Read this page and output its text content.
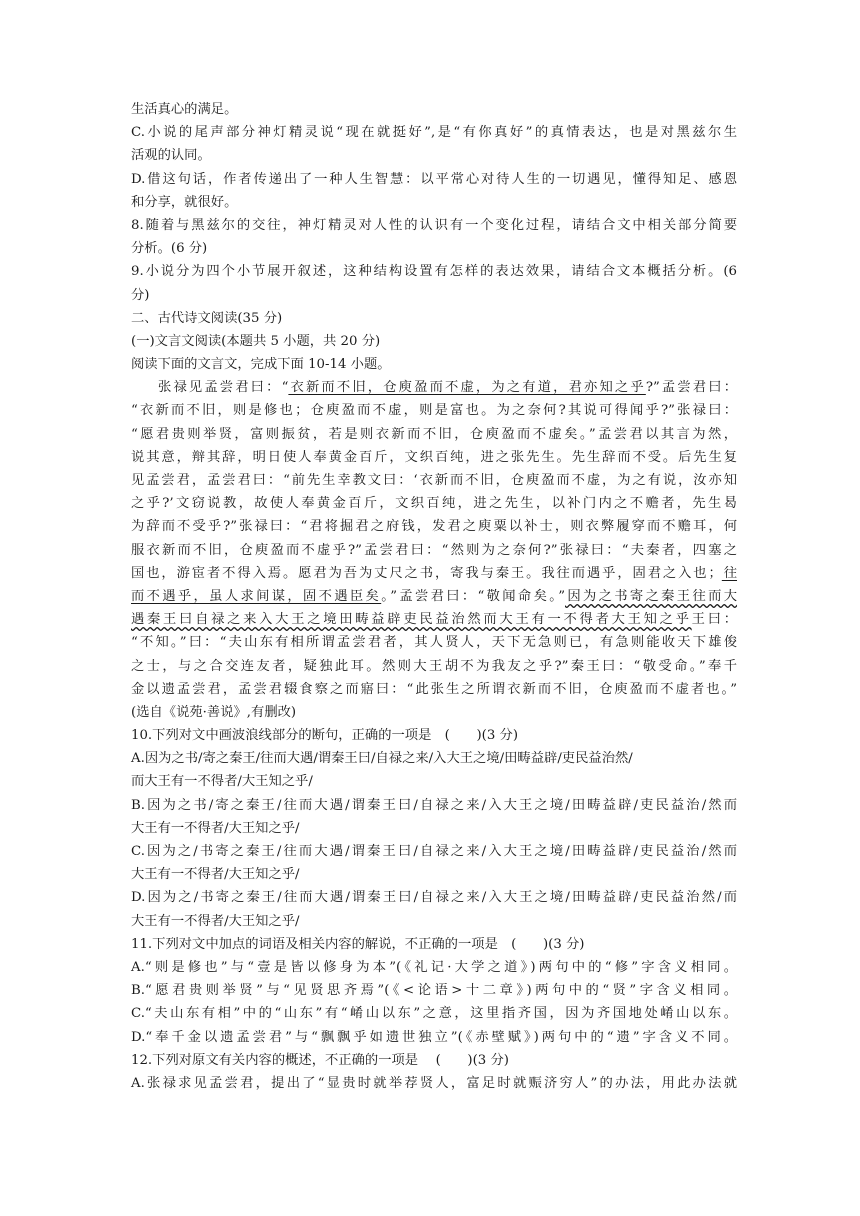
生活真心的满足。
C.小说的尾声部分神灯精灵说“现在就挺好”,是“有你真好”的真情表达，也是对黑兹尔生
活观的认同。
D.借这句话，作者传递出了一种人生智慧：以平常心对待人生的一切遇见，懂得知足、感恩
和分享，就很好。
8.随着与黑兹尔的交往，神灯精灵对人性的认识有一个变化过程，请结合文中相关部分简要
分析。(6 分)
9.小说分为四个小节展开叙述，这种结构设置有怎样的表达效果，请结合文本概括分析。(6
分)
二、古代诗文阅读(35 分)
(一)文言文阅读(本题共 5 小题，共 20 分)
阅读下面的文言文，完成下面 10-14 小题。
张禄见孟尝君曰：“衣新而不旧，仓庾盈而不虚，为之有道，君亦知之乎?”孟尝君曰：
“衣新而不旧，则是修也；仓庾盈而不虚，则是富也。为之奈何?其说可得闻乎?”张禄曰：
“愿君贵则举贤，富则振贫，若是则衣新而不旧，仓庾盈而不虚矣。”孟尝君以其言为然，
说其意，辩其辞，明日使人奉黄金百斤，文织百纯，进之张先生。先生辞而不受。后先生复
见孟尝君，孟尝君曰：“前先生幸教文曰：‘衣新而不旧，仓庾盈而不虚，为之有说，汝亦知
之乎?’文窃说教，故使人奉黄金百斤，文织百纯，进之先生，以补门内之不赡者，先生曷
为辞而不受乎?”张禄曰：“君将掘君之府钱，发君之庾粟以补士，则衣弊履穿而不赡耳，何
服衣新而不旧，仓庾盈而不虚乎?”孟尝君曰：“然则为之奈何?”张禄曰：“夫秦者，四塞之
国也，游宦者不得入焉。愿君为吾为丈尺之书，寄我与秦王。我往而遇乎，固君之入也；往
而不遇乎，虽人求间谋，固不遇臣矣。”孟尝君曰：“敬闻命矣。”因为之书寄之秦王往而大
遇秦王曰自禄之来入大王之境田畴益辟吏民益治然而大王有一不得者大王知之乎王曰：
“不知。”曰：“夫山东有相所谓孟尝君者，其人贤人，天下无急则已，有急则能收天下雄俊
之士，与之合交连友者，疑独此耳。然则大王胡不为我友之乎?”秦王曰：“敬受命。”奉千
金以遗孟尝君，孟尝君辍食察之而寤曰：“此张生之所谓衣新而不旧，仓庾盈而不虚者也。”
(选自《说苑·善说》,有删改)
10.下列对文中画波浪线部分的断句，正确的一项是　(　　)(3 分)
A.因为之书/寄之秦王/往而大遇/谓秦王曰/自禄之来/入大王之境/田畴益辟/吏民益治然/
而大王有一不得者/大王知之乎/
B.因为之书/寄之秦王/往而大遇/谓秦王曰/自禄之来/入大王之境/田畴益辟/吏民益治/然而
大王有一不得者/大王知之乎/
C.因为之/书寄之秦王/往而大遇/谓秦王曰/自禄之来/入大王之境/田畴益辟/吏民益治/然而
大王有一不得者/大王知之乎/
D.因为之/书寄之秦王/往而大遇/谓秦王曰/自禄之来/入大王之境/田畴益辟/吏民益治然/而
大王有一不得者/大王知之乎/
11.下列对文中加点的词语及相关内容的解说，不正确的一项是　(　　)(3 分)
A.“则是修也”与“壹是皆以修身为本”(《礼记·大学之道》)两句中的“修”字含义相同。
B.“愿君贵则举贤”与“见贤思齐焉”(《<论语>十二章》)两句中的“贤”字含义相同。
C.“夫山东有相”中的“山东”有“崤山以东”之意，这里指齐国，因为齐国地处崤山以东。
D.“奉千金以遗孟尝君”与“飘飘乎如遗世独立”(《赤壁赋》)两句中的“遗”字含义不同。
12.下列对原文有关内容的概述，不正确的一项是　 (　　)(3 分)
A.张禄求见孟尝君，提出了“显贵时就举荐贤人，富足时就赈济穷人”的办法，用此办法就
